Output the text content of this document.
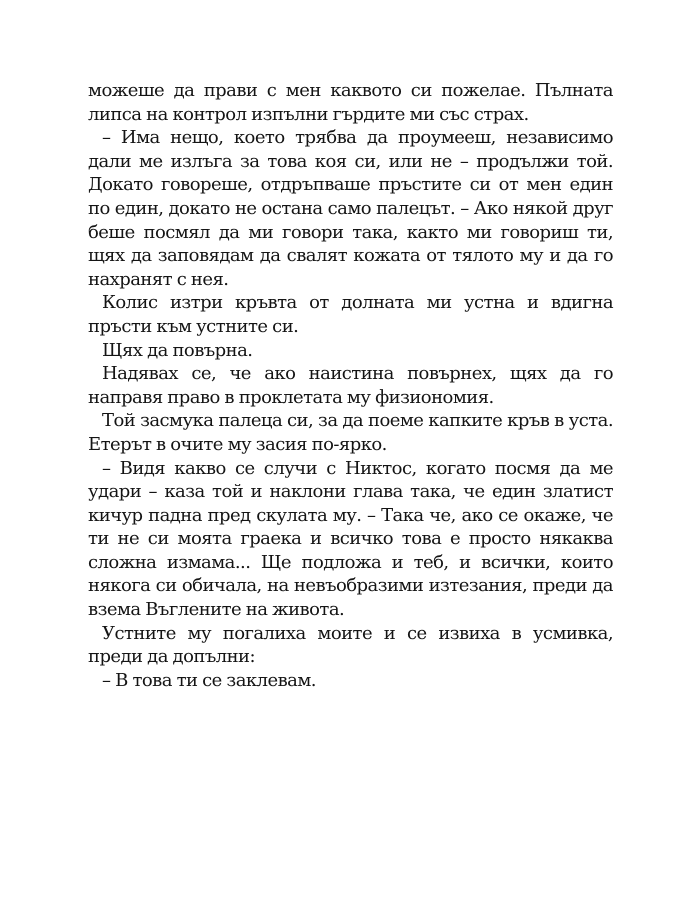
можеше да прави с мен каквото си пожелае. Пълната липса на контрол изпълни гърдите ми със страх.

– Има нещо, което трябва да проумееш, независимо дали ме излъга за това коя си, или не – продължи той. Докато говореше, отдръпваше пръстите си от мен един по един, докато не остана само палецът. – Ако някой друг беше посмял да ми говори така, както ми говориш ти, щях да заповядам да свалят кожата от тялото му и да го нахранят с нея.

Колис изтри кръвта от долната ми устна и вдигна пръсти към устните си.

Щях да повърна.

Надявах се, че ако наистина повърнех, щях да го направя право в проклетата му физиономия.

Той засмука палеца си, за да поеме капките кръв в уста. Етерът в очите му засия по-ярко.

– Видя какво се случи с Никтос, когато посмя да ме удари – каза той и наклони глава така, че един златист кичур падна пред скулата му. – Така че, ако се окаже, че ти не си моята граека и всичко това е просто някаква сложна измама... Ще подложа и теб, и всички, които някога си обичала, на невъобразими изтезания, преди да взема Въглените на живота.

Устните му погалиха моите и се извиха в усмивка, преди да допълни:

– В това ти се заклевам.
